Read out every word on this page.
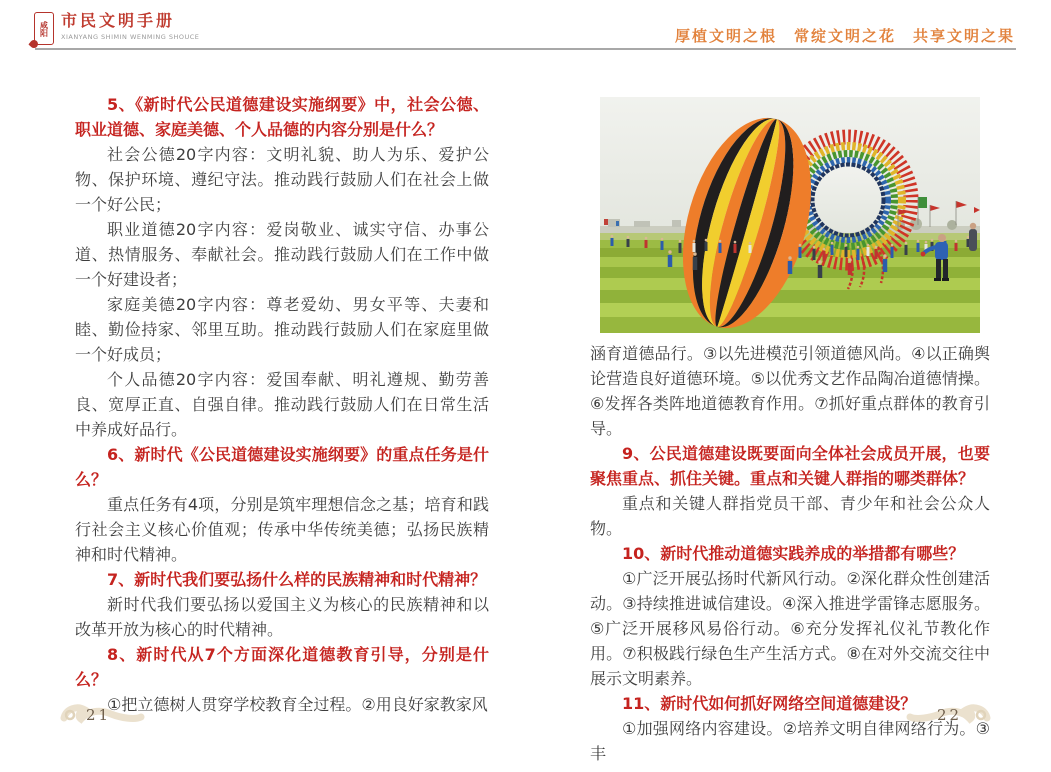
咸阳 市民文明手册
XIANYANG SHIMIN WENMING SHOUCE	厚植文明之根　常绽文明之花　共享文明之果

5、《新时代公民道德建设实施纲要》中，社会公德、职业道德、家庭美德、个人品德的内容分别是什么？

社会公德20字内容：文明礼貌、助人为乐、爱护公物、保护环境、遵纪守法。推动践行鼓励人们在社会上做一个好公民；

职业道德20字内容：爱岗敬业、诚实守信、办事公道、热情服务、奉献社会。推动践行鼓励人们在工作中做一个好建设者；

家庭美德20字内容：尊老爱幼、男女平等、夫妻和睦、勤俭持家、邻里互助。推动践行鼓励人们在家庭里做一个好成员；

个人品德20字内容：爱国奉献、明礼遵规、勤劳善良、宽厚正直、自强自律。推动践行鼓励人们在日常生活中养成好品行。

6、新时代《公民道德建设实施纲要》的重点任务是什么？

重点任务有4项，分别是筑牢理想信念之基；培育和践行社会主义核心价值观；传承中华传统美德；弘扬民族精神和时代精神。

7、新时代我们要弘扬什么样的民族精神和时代精神？

新时代我们要弘扬以爱国主义为核心的民族精神和以改革开放为核心的时代精神。

8、新时代从7个方面深化道德教育引导，分别是什么？

①把立德树人贯穿学校教育全过程。②用良好家教家风

涵育道德品行。③以先进模范引领道德风尚。④以正确舆论营造良好道德环境。⑤以优秀文艺作品陶冶道德情操。⑥发挥各类阵地道德教育作用。⑦抓好重点群体的教育引导。

9、公民道德建设既要面向全体社会成员开展，也要聚焦重点、抓住关键。重点和关键人群指的哪类群体？

重点和关键人群指党员干部、青少年和社会公众人物。

10、新时代推动道德实践养成的举措都有哪些？

①广泛开展弘扬时代新风行动。②深化群众性创建活动。③持续推进诚信建设。④深入推进学雷锋志愿服务。⑤广泛开展移风易俗行动。⑥充分发挥礼仪礼节教化作用。⑦积极践行绿色生产生活方式。⑧在对外交流交往中展示文明素养。

11、新时代如何抓好网络空间道德建设？

①加强网络内容建设。②培养文明自律网络行为。③丰

21	22
